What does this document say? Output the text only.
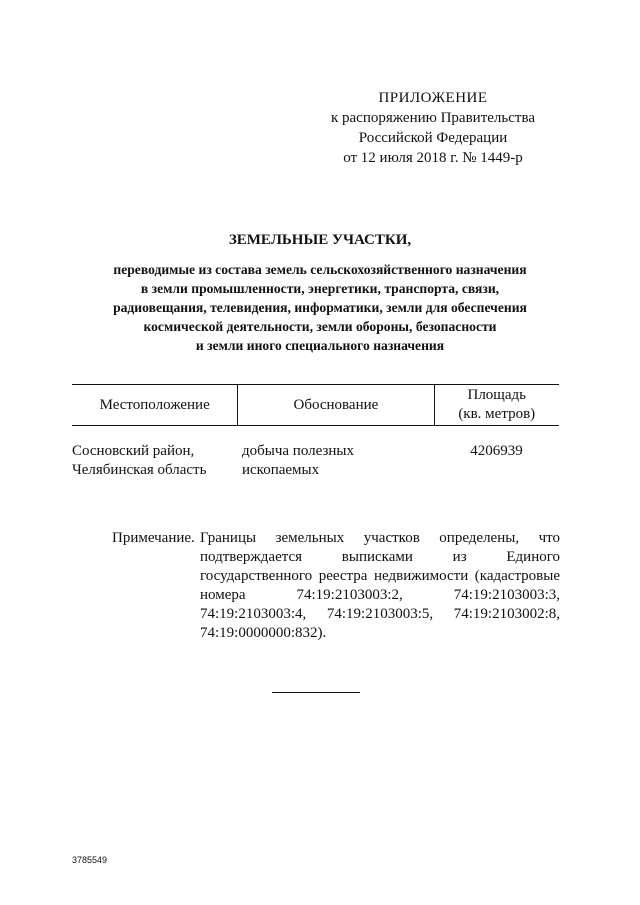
ПРИЛОЖЕНИЕ
к распоряжению Правительства
Российской Федерации
от 12 июля 2018 г. № 1449-р
ЗЕМЕЛЬНЫЕ УЧАСТКИ,
переводимые из состава земель сельскохозяйственного назначения
в земли промышленности, энергетики, транспорта, связи,
радиовещания, телевидения, информатики, земли для обеспечения
космической деятельности, земли обороны, безопасности
и земли иного специального назначения
Местоположение	Обоснование
Площадь
(кв. метров)
Сосновский район,
Челябинская область
добыча полезных
ископаемых
4206939
Примечание. Границы земельных участков определены, что подтверждается выписками из Единого государственного реестра недвижимости (кадастровые номера 74:19:2103003:2, 74:19:2103003:3, 74:19:2103003:4, 74:19:2103003:5, 74:19:2103002:8, 74:19:0000000:832).
3785549
